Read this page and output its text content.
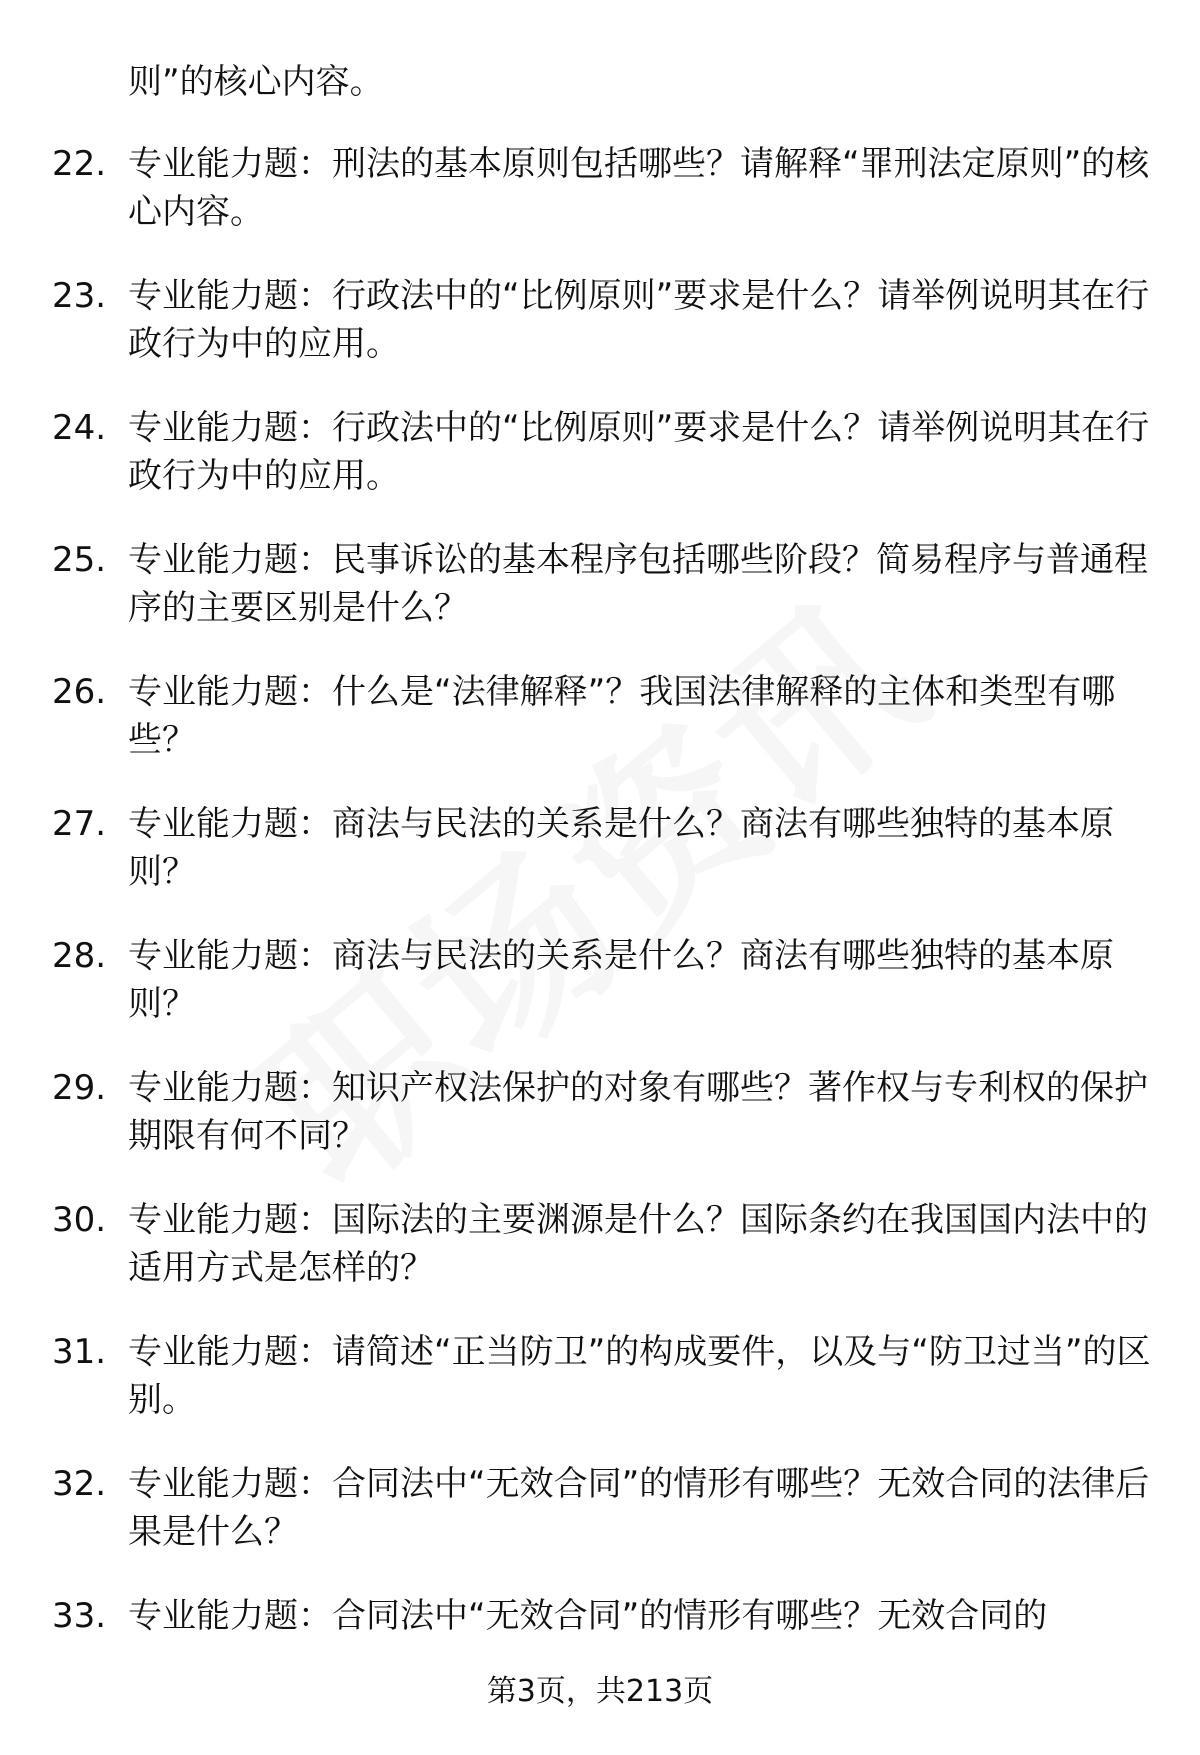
则”的核心内容。
22. 专业能力题：刑法的基本原则包括哪些？请解释“罪刑法定原则”的核心内容。
23. 专业能力题：行政法中的“比例原则”要求是什么？请举例说明其在行政行为中的应用。
24. 专业能力题：行政法中的“比例原则”要求是什么？请举例说明其在行政行为中的应用。
25. 专业能力题：民事诉讼的基本程序包括哪些阶段？简易程序与普通程序的主要区别是什么？
26. 专业能力题：什么是“法律解释”？我国法律解释的主体和类型有哪些？
27. 专业能力题：商法与民法的关系是什么？商法有哪些独特的基本原则？
28. 专业能力题：商法与民法的关系是什么？商法有哪些独特的基本原则？
29. 专业能力题：知识产权法保护的对象有哪些？著作权与专利权的保护期限有何不同？
30. 专业能力题：国际法的主要渊源是什么？国际条约在我国国内法中的适用方式是怎样的？
31. 专业能力题：请简述“正当防卫”的构成要件，以及与“防卫过当”的区别。
32. 专业能力题：合同法中“无效合同”的情形有哪些？无效合同的法律后果是什么？
33. 专业能力题：合同法中“无效合同”的情形有哪些？无效合同的
第3页，共213页
